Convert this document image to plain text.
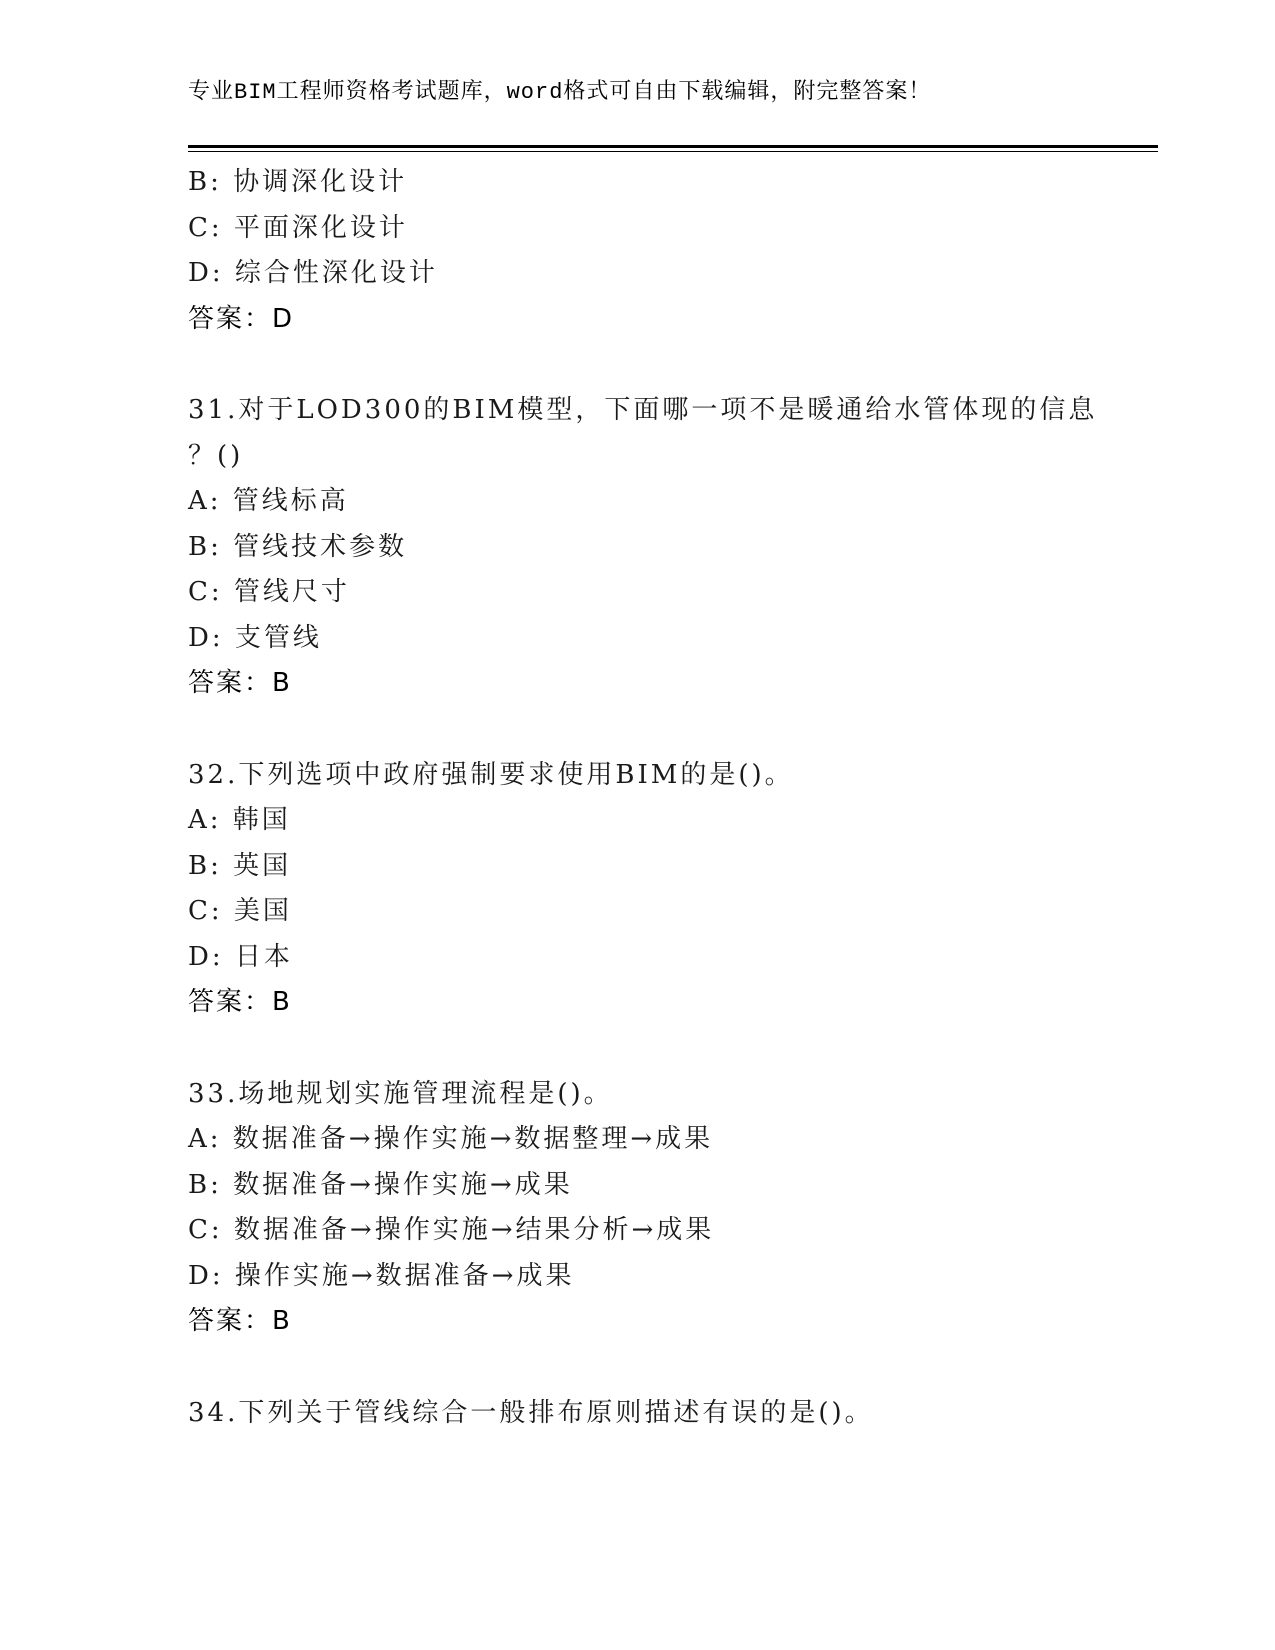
专业BIM工程师资格考试题库，word格式可自由下载编辑，附完整答案！
B: 协调深化设计
C: 平面深化设计
D: 综合性深化设计
答案：D
31.对于LOD300的BIM模型，下面哪一项不是暖通给水管体现的信息
？()
A: 管线标高
B: 管线技术参数
C: 管线尺寸
D: 支管线
答案：B
32.下列选项中政府强制要求使用BIM的是()。
A: 韩国
B: 英国
C: 美国
D: 日本
答案：B
33.场地规划实施管理流程是()。
A: 数据准备→操作实施→数据整理→成果
B: 数据准备→操作实施→成果
C: 数据准备→操作实施→结果分析→成果
D: 操作实施→数据准备→成果
答案：B
34.下列关于管线综合一般排布原则描述有误的是()。
